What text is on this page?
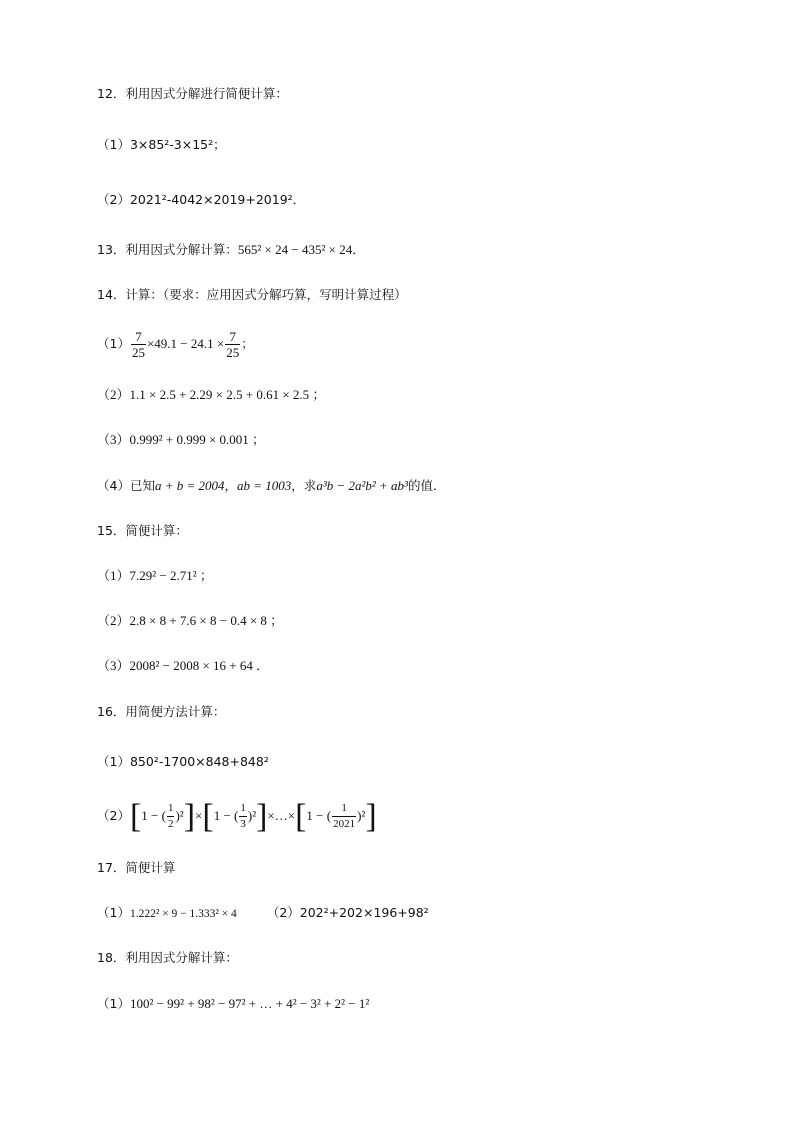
12．利用因式分解进行简便计算：
（1）3×85²-3×15²；
（2）2021²-4042×2019+2019²．
13．利用因式分解计算：565² × 24 − 435² × 24．
14．计算：（要求：应用因式分解巧算，写明计算过程）
$(1) \frac{7}{25} \times 49.1 - 24.1 \times \frac{7}{25}$ ；
（2）1.1 × 2.5 + 2.29 × 2.5 + 0.61 × 2.5 ；
（3）0.999² + 0.999 × 0.001 ；
（4）已知a + b = 2004，ab = 1003，求a³b − 2a²b² + ab³的值．
15．简便计算：
（1）7.29² − 2.71² ；
（2）2.8 × 8 + 7.6 × 8 − 0.4 × 8 ；
（3）2008² − 2008 × 16 + 64 ．
16．用简便方法计算：
（1）850²-1700×848+848²
（2）[1 − ( $\frac{1}{2} )^2]\times[1$ − ( $\frac{1}{3}$ )²]×…×[1 − ( $\frac{1}{2021} )^2$]
17．简便计算
（1）1.222² × 9 − 1.333² × 4 （2）202²+202×196+98²
18．利用因式分解计算：
（1）100² − 99² + 98² − 97² + … + 4² − 3² + 2² − 1²
